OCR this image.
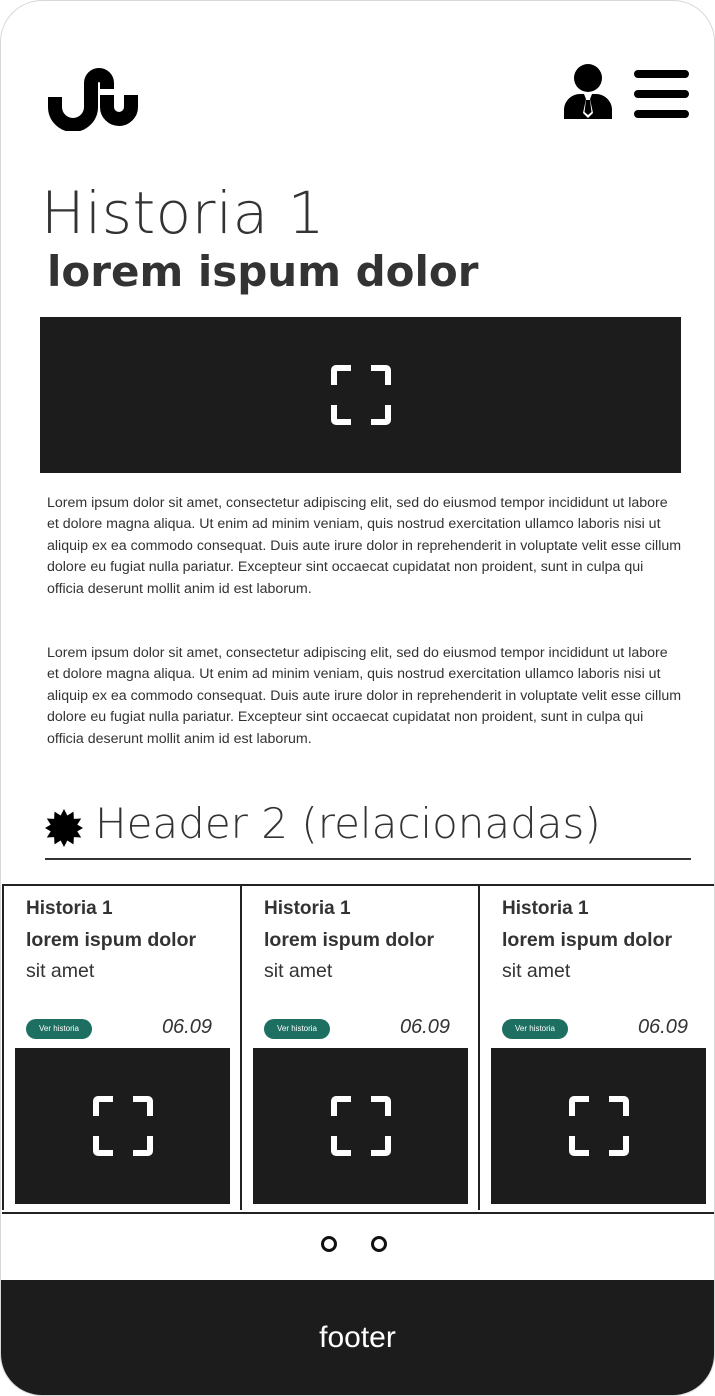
Historia 1
lorem ispum dolor

Lorem ipsum dolor sit amet, consectetur adipiscing elit, sed do eiusmod tempor incididunt ut labore et dolore magna aliqua. Ut enim ad minim veniam, quis nostrud exercitation ullamco laboris nisi ut aliquip ex ea commodo consequat. Duis aute irure dolor in reprehenderit in voluptate velit esse cillum dolore eu fugiat nulla pariatur. Excepteur sint occaecat cupidatat non proident, sunt in culpa qui officia deserunt mollit anim id est laborum.

Lorem ipsum dolor sit amet, consectetur adipiscing elit, sed do eiusmod tempor incididunt ut labore et dolore magna aliqua. Ut enim ad minim veniam, quis nostrud exercitation ullamco laboris nisi ut aliquip ex ea commodo consequat. Duis aute irure dolor in reprehenderit in voluptate velit esse cillum dolore eu fugiat nulla pariatur. Excepteur sint occaecat cupidatat non proident, sunt in culpa qui officia deserunt mollit anim id est laborum.

Header 2 (relacionadas)
Historia 1
lorem ispum dolor
sit amet
Ver historia	06.09
Historia 1
lorem ispum dolor
sit amet
Ver historia	06.09
Historia 1
lorem ispum dolor
sit amet
Ver historia	06.09
footer
